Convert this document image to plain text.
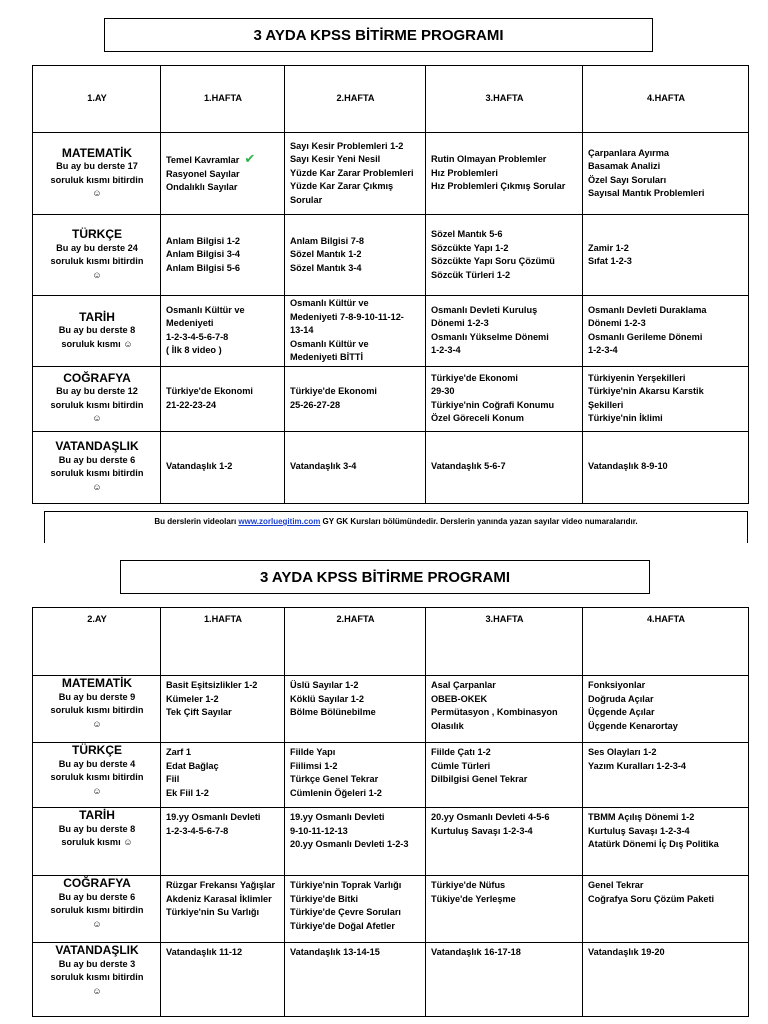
3 AYDA KPSS BİTİRME PROGRAMI
1.AY	1.HAFTA	2.HAFTA	3.HAFTA	4.HAFTA

MATEMATİK
Bu ay bu derste 17
soruluk kısmı bitirdin
☺	Temel Kavramlar ✔
Rasyonel Sayılar
Ondalıklı Sayılar	Sayı Kesir Problemleri 1-2
Sayı Kesir Yeni Nesil
Yüzde Kar Zarar Problemleri
Yüzde Kar Zarar Çıkmış
Sorular	Rutin Olmayan Problemler
Hız Problemleri
Hız Problemleri Çıkmış Sorular	Çarpanlara Ayırma
Basamak Analizi
Özel Sayı Soruları
Sayısal Mantık Problemleri

TÜRKÇE
Bu ay bu derste 24
soruluk kısmı bitirdin
☺	Anlam Bilgisi 1-2
Anlam Bilgisi 3-4
Anlam Bilgisi 5-6	Anlam Bilgisi 7-8
Sözel Mantık 1-2
Sözel Mantık 3-4	Sözel Mantık 5-6
Sözcükte Yapı 1-2
Sözcükte Yapı Soru Çözümü
Sözcük Türleri 1-2	Zamir 1-2
Sıfat 1-2-3

TARİH
Bu ay bu derste 8
soruluk kısmı ☺	Osmanlı Kültür ve
Medeniyeti
1-2-3-4-5-6-7-8
( İlk 8 video )	Osmanlı Kültür ve
Medeniyeti 7-8-9-10-11-12-
13-14
Osmanlı Kültür ve
Medeniyeti BİTTİ	Osmanlı Devleti Kuruluş
Dönemi 1-2-3
Osmanlı Yükselme Dönemi
1-2-3-4	Osmanlı Devleti Duraklama
Dönemi 1-2-3
Osmanlı Gerileme Dönemi
1-2-3-4

COĞRAFYA
Bu ay bu derste 12
soruluk kısmı bitirdin
☺	Türkiye'de Ekonomi
21-22-23-24	Türkiye'de Ekonomi
25-26-27-28	Türkiye'de Ekonomi
29-30
Türkiye'nin Coğrafi Konumu
Özel Göreceli Konum	Türkiyenin Yerşekilleri
Türkiye'nin Akarsu Karstik
Şekilleri
Türkiye'nin İklimi

VATANDAŞLIK
Bu ay bu derste 6
soruluk kısmı bitirdin
☺	Vatandaşlık 1-2	Vatandaşlık 3-4	Vatandaşlık 5-6-7	Vatandaşlık 8-9-10
Bu derslerin videoları www.zorluegitim.com GY GK Kursları bölümündedir. Derslerin yanında yazan sayılar video numaralarıdır.
3 AYDA KPSS BİTİRME PROGRAMI
2.AY	1.HAFTA	2.HAFTA	3.HAFTA	4.HAFTA

MATEMATİK
Bu ay bu derste 9
soruluk kısmı bitirdin
☺	Basit Eşitsizlikler 1-2
Kümeler 1-2
Tek Çift Sayılar	Üslü Sayılar 1-2
Köklü Sayılar 1-2
Bölme Bölünebilme	Asal Çarpanlar
OBEB-OKEK
Permütasyon , Kombinasyon
Olasılık	Fonksiyonlar
Doğruda Açılar
Üçgende Açılar
Üçgende Kenarortay

TÜRKÇE
Bu ay bu derste 4
soruluk kısmı bitirdin
☺	Zarf 1
Edat Bağlaç
Fiil
Ek Fiil 1-2	Fiilde Yapı
Fiilimsi 1-2
Türkçe Genel Tekrar
Cümlenin Öğeleri 1-2	Fiilde Çatı 1-2
Cümle Türleri
Dilbilgisi Genel Tekrar	Ses Olayları 1-2
Yazım Kuralları 1-2-3-4

TARİH
Bu ay bu derste 8
soruluk kısmı ☺	19.yy Osmanlı Devleti
1-2-3-4-5-6-7-8	19.yy Osmanlı Devleti
9-10-11-12-13
20.yy Osmanlı Devleti 1-2-3	20.yy Osmanlı Devleti 4-5-6
Kurtuluş Savaşı 1-2-3-4	TBMM Açılış Dönemi 1-2
Kurtuluş Savaşı 1-2-3-4
Atatürk Dönemi İç Dış Politika

COĞRAFYA
Bu ay bu derste 6
soruluk kısmı bitirdin
☺	Rüzgar Frekansı Yağışlar
Akdeniz Karasal İklimler
Türkiye'nin Su Varlığı	Türkiye'nin Toprak Varlığı
Türkiye'de Bitki
Türkiye'de Çevre Soruları
Türkiye'de Doğal Afetler	Türkiye'de Nüfus
Tükiye'de Yerleşme	Genel Tekrar
Coğrafya Soru Çözüm Paketi

VATANDAŞLIK
Bu ay bu derste 3
soruluk kısmı bitirdin
☺	Vatandaşlık 11-12	Vatandaşlık 13-14-15	Vatandaşlık 16-17-18	Vatandaşlık 19-20
